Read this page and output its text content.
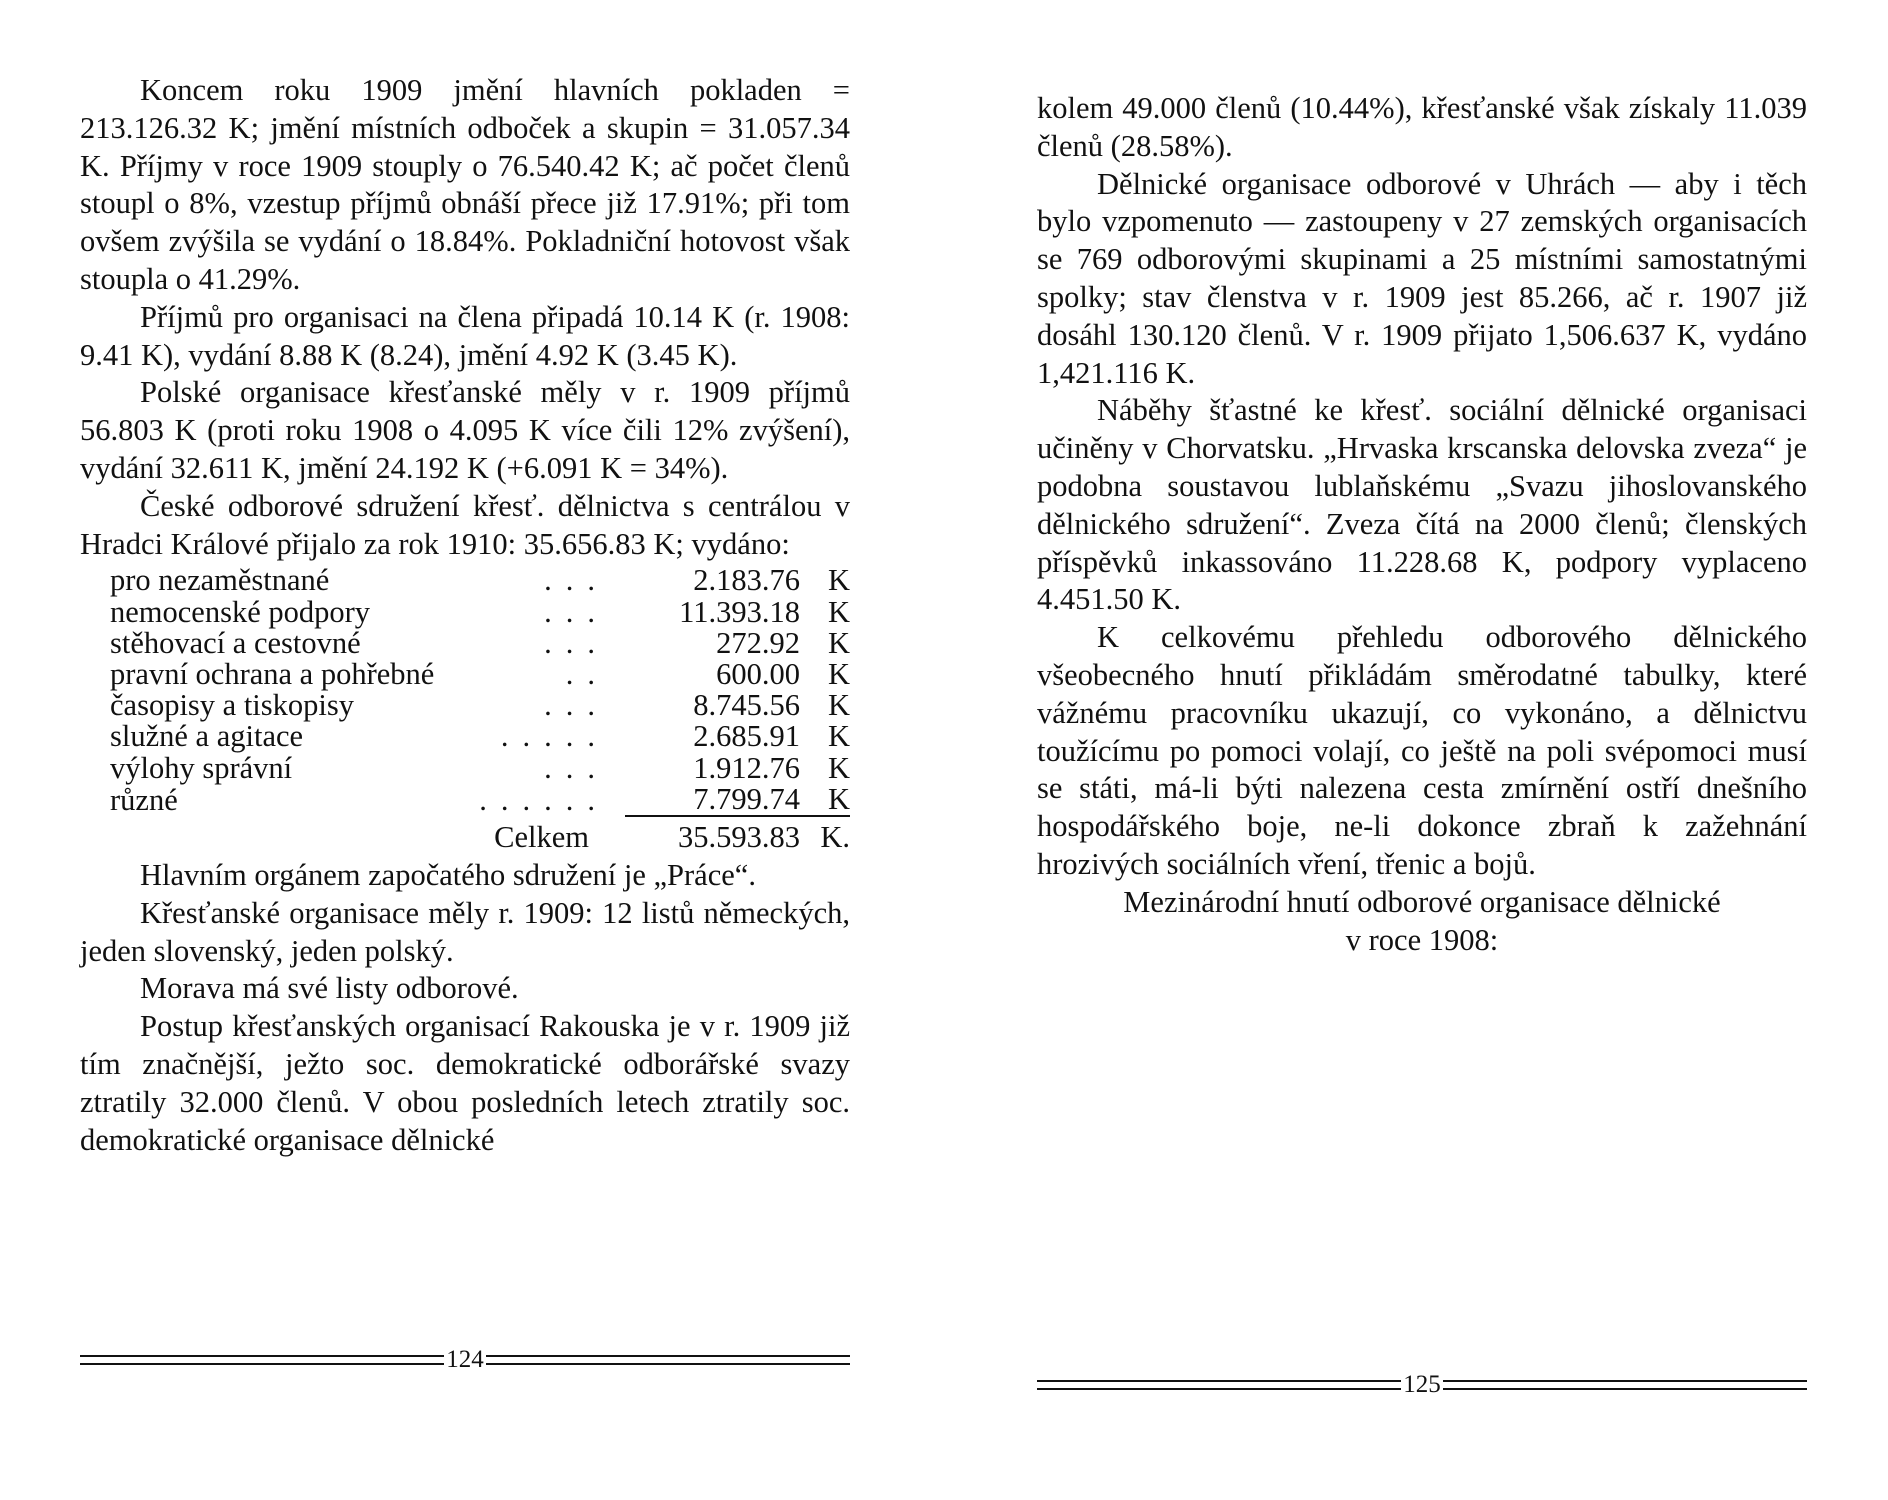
Koncem roku 1909 jmění hlavních pokladen = 213.126.32 K; jmění místních odboček a skupin = 31.057.34 K. Příjmy v roce 1909 stouply o 76.540.42 K; ač počet členů stoupl o 8%, vzestup příjmů obnáší přece již 17.91%; při tom ovšem zvýšila se vydání o 18.84%. Pokladniční hotovost však stoupla o 41.29%.

Příjmů pro organisaci na člena připadá 10.14 K (r. 1908: 9.41 K), vydání 8.88 K (8.24), jmění 4.92 K (3.45 K).

Polské organisace křesťanské měly v r. 1909 příjmů 56.803 K (proti roku 1908 o 4.095 K více čili 12% zvýšení), vydání 32.611 K, jmění 24.192 K (+6.091 K = 34%).

České odborové sdružení křesť. dělnictva s centrálou v Hradci Králové přijalo za rok 1910: 35.656.83 K; vydáno:

pro nezaměstnané	...	2.183.76	K
nemocenské podpory	...	11.393.18	K
stěhovací a cestovné	...	272.92	K
pravní ochrana a pohřebné	..	600.00	K
časopisy a tiskopisy	...	8.745.56	K
služné a agitace	.....	2.685.91	K
výlohy správní	...	1.912.76	K
různé	......	7.799.74	K
	Celkem	35.593.83	K.

Hlavním orgánem započatého sdružení je „Práce“.

Křesťanské organisace měly r. 1909: 12 listů německých, jeden slovenský, jeden polský.

Morava má své listy odborové.

Postup křesťanských organisací Rakouska je v r. 1909 již tím značnější, ježto soc. demokratické odborářské svazy ztratily 32.000 členů. V obou posledních letech ztratily soc. demokratické organisace dělnické

124

kolem 49.000 členů (10.44%), křesťanské však získaly 11.039 členů (28.58%).

Dělnické organisace odborové v Uhrách — aby i těch bylo vzpomenuto — zastoupeny v 27 zemských organisacích se 769 odborovými skupinami a 25 místními samostatnými spolky; stav členstva v r. 1909 jest 85.266, ač r. 1907 již dosáhl 130.120 členů. V r. 1909 přijato 1,506.637 K, vydáno 1,421.116 K.

Náběhy šťastné ke křesť. sociální dělnické organisaci učiněny v Chorvatsku. „Hrvaska krscanska delovska zveza“ je podobna soustavou lublaňskému „Svazu jihoslovanského dělnického sdružení“. Zveza čítá na 2000 členů; členských příspěvků inkassováno 11.228.68 K, podpory vyplaceno 4.451.50 K.

K celkovému přehledu odborového dělnického všeobecného hnutí přikládám směrodatné tabulky, které vážnému pracovníku ukazují, co vykonáno, a dělnictvu toužícímu po pomoci volají, co ještě na poli svépomoci musí se státi, má-li býti nalezena cesta zmírnění ostří dnešního hospodářského boje, ne-li dokonce zbraň k zažehnání hrozivých sociálních vření, třenic a bojů.

Mezinárodní hnutí odborové organisace dělnické

v roce 1908:

125
